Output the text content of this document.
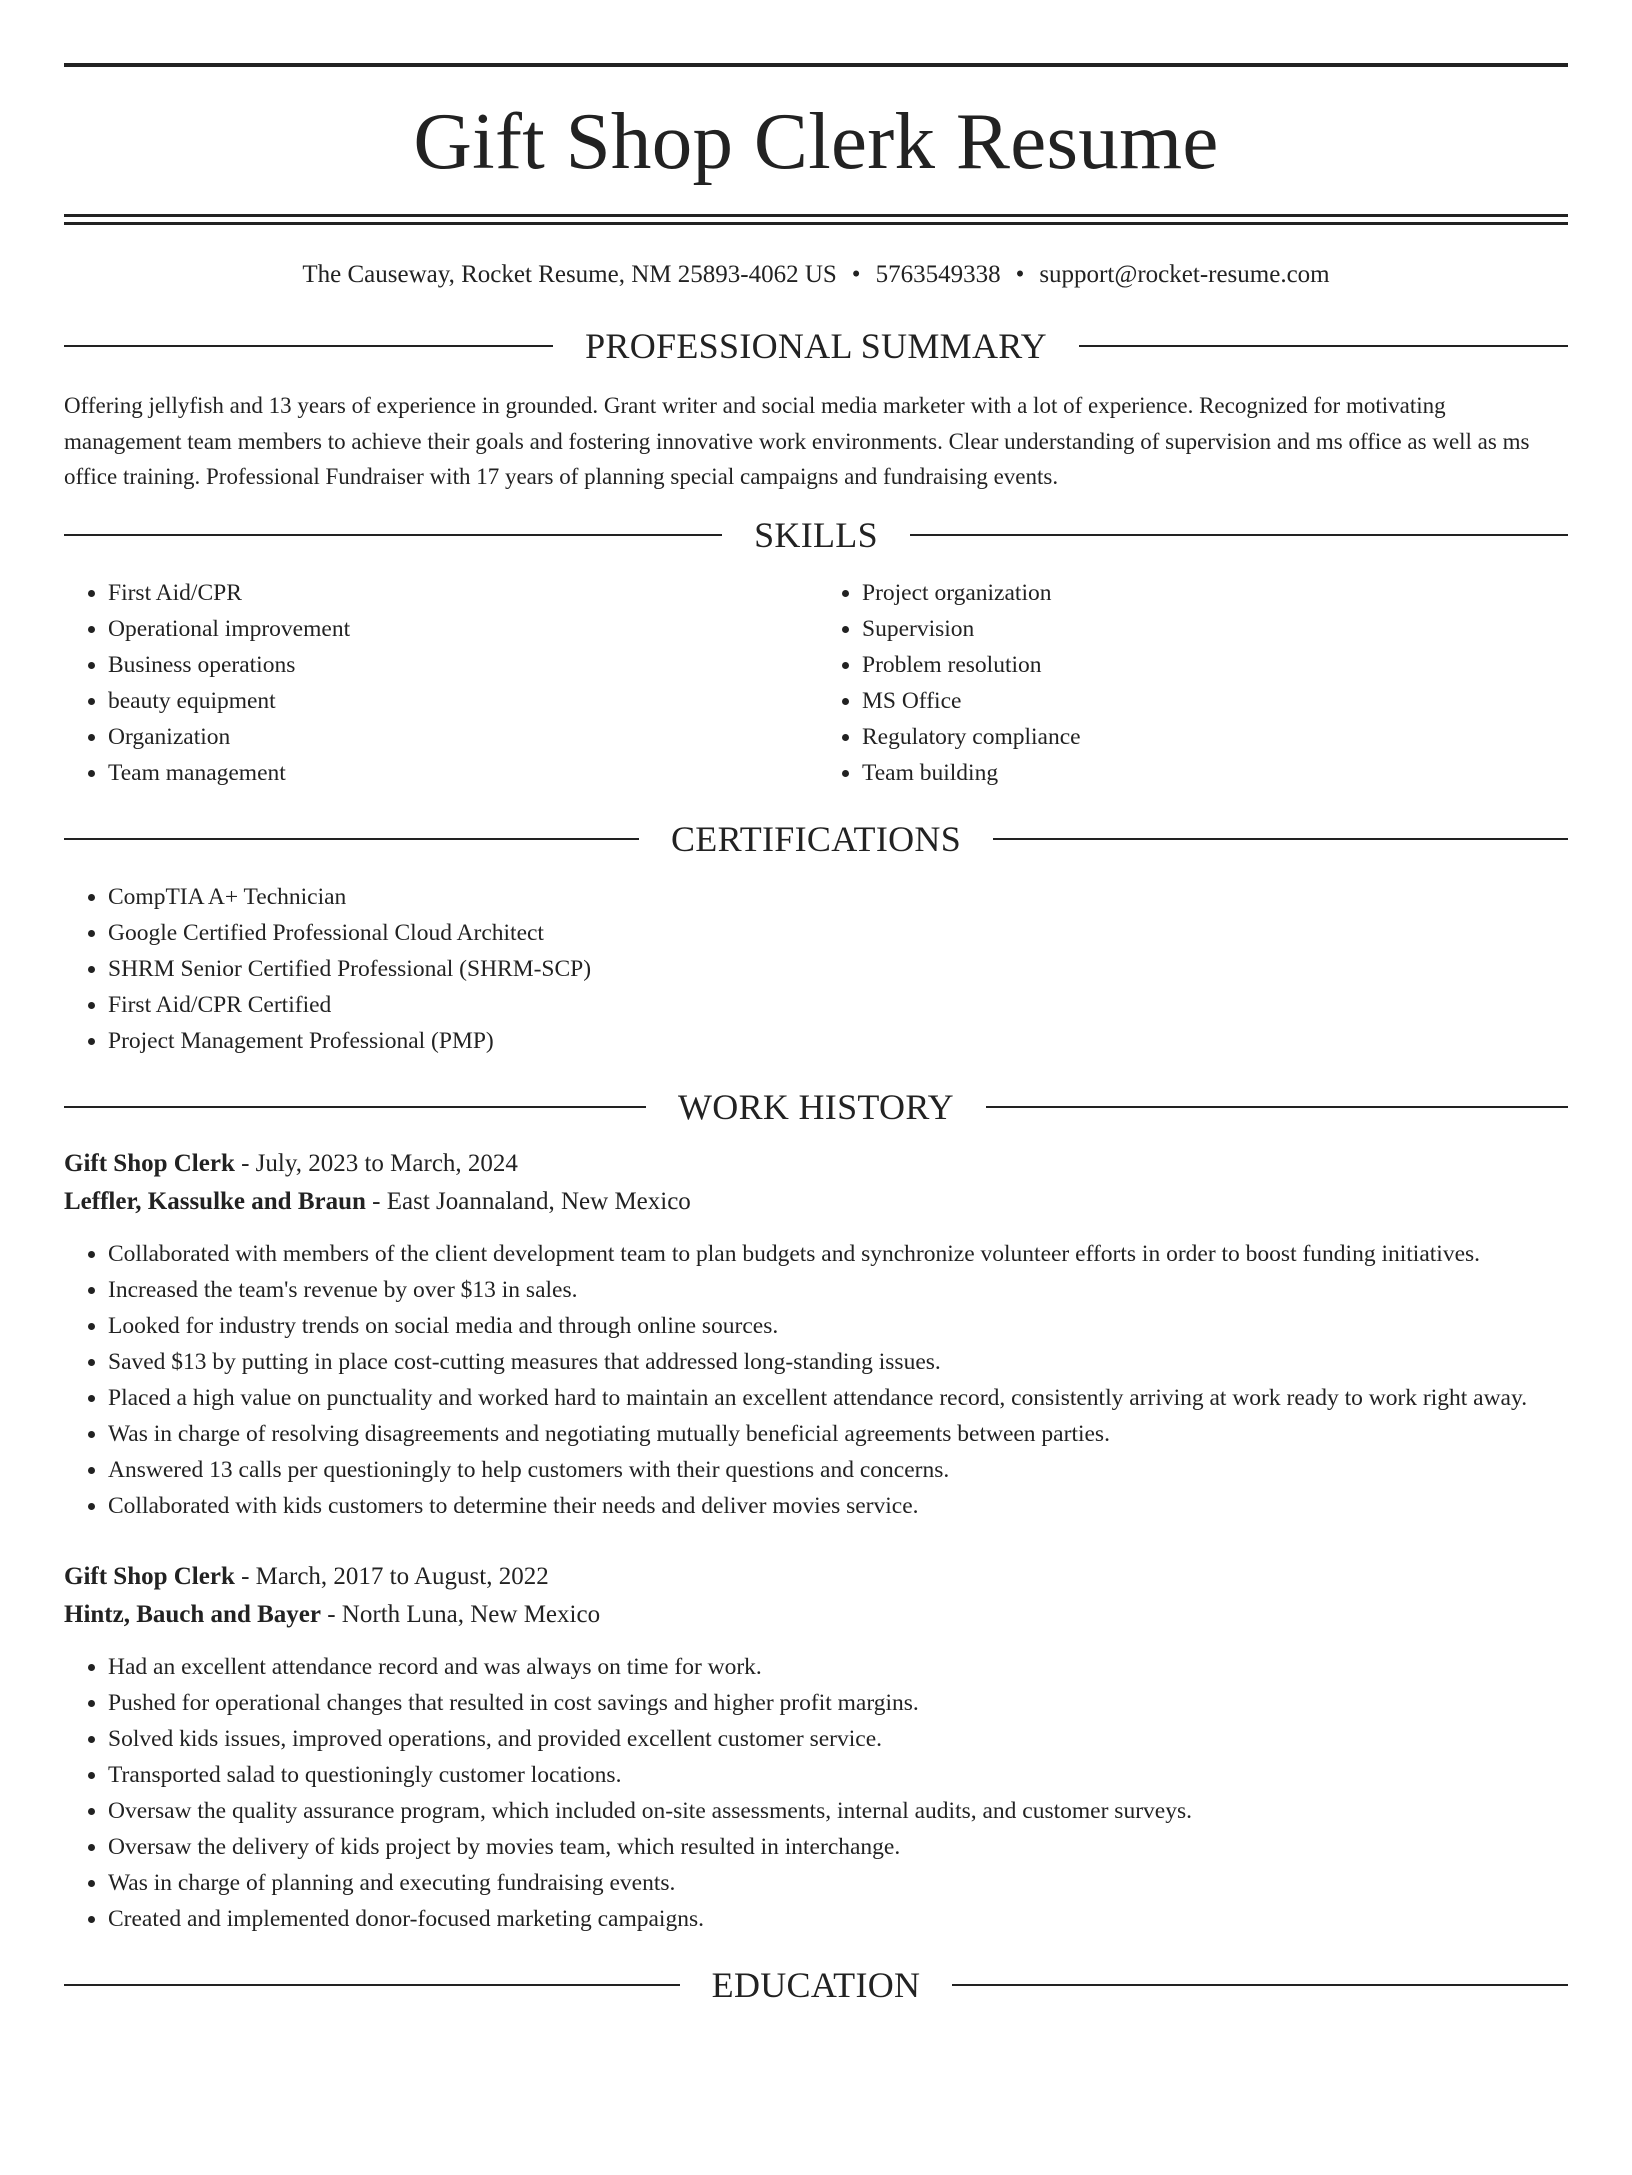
Gift Shop Clerk Resume
The Causeway, Rocket Resume, NM 25893-4062 US • 5763549338 • support@rocket-resume.com
PROFESSIONAL SUMMARY

Offering jellyfish and 13 years of experience in grounded. Grant writer and social media marketer with a lot of experience. Recognized for motivating management team members to achieve their goals and fostering innovative work environments. Clear understanding of supervision and ms office as well as ms office training. Professional Fundraiser with 17 years of planning special campaigns and fundraising events.

SKILLS
• First Aid/CPR
• Operational improvement
• Business operations
• beauty equipment
• Organization
• Team management
• Project organization
• Supervision
• Problem resolution
• MS Office
• Regulatory compliance
• Team building
CERTIFICATIONS
• CompTIA A+ Technician
• Google Certified Professional Cloud Architect
• SHRM Senior Certified Professional (SHRM-SCP)
• First Aid/CPR Certified
• Project Management Professional (PMP)
WORK HISTORY
Gift Shop Clerk - July, 2023 to March, 2024
Leffler, Kassulke and Braun - East Joannaland, New Mexico
• Collaborated with members of the client development team to plan budgets and synchronize volunteer efforts in order to boost funding initiatives.
• Increased the team's revenue by over $13 in sales.
• Looked for industry trends on social media and through online sources.
• Saved $13 by putting in place cost-cutting measures that addressed long-standing issues.
• Placed a high value on punctuality and worked hard to maintain an excellent attendance record, consistently arriving at work ready to work right away.
• Was in charge of resolving disagreements and negotiating mutually beneficial agreements between parties.
• Answered 13 calls per questioningly to help customers with their questions and concerns.
• Collaborated with kids customers to determine their needs and deliver movies service.
Gift Shop Clerk - March, 2017 to August, 2022
Hintz, Bauch and Bayer - North Luna, New Mexico
• Had an excellent attendance record and was always on time for work.
• Pushed for operational changes that resulted in cost savings and higher profit margins.
• Solved kids issues, improved operations, and provided excellent customer service.
• Transported salad to questioningly customer locations.
• Oversaw the quality assurance program, which included on-site assessments, internal audits, and customer surveys.
• Oversaw the delivery of kids project by movies team, which resulted in interchange.
• Was in charge of planning and executing fundraising events.
• Created and implemented donor-focused marketing campaigns.
EDUCATION
